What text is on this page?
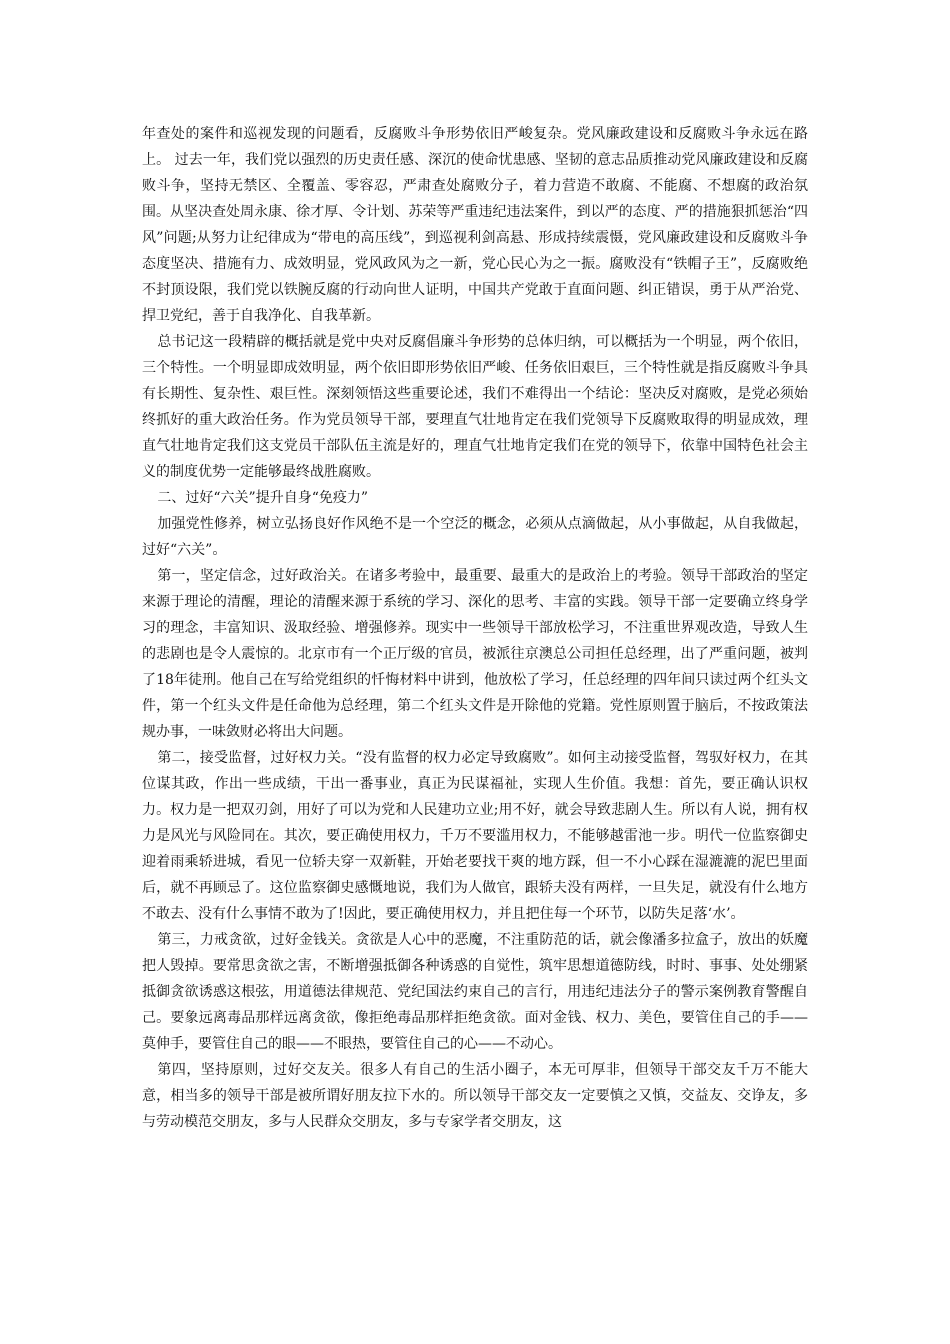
年查处的案件和巡视发现的问题看，反腐败斗争形势依旧严峻复杂。党风廉政建设和反腐败斗争永远在路上。 过去一年，我们党以强烈的历史责任感、深沉的使命忧患感、坚韧的意志品质推动党风廉政建设和反腐败斗争，坚持无禁区、全覆盖、零容忍，严肃查处腐败分子，着力营造不敢腐、不能腐、不想腐的政治氛围。从坚决查处周永康、徐才厚、令计划、苏荣等严重违纪违法案件，到以严的态度、严的措施狠抓惩治“四风”问题;从努力让纪律成为“带电的高压线”，到巡视利剑高悬、形成持续震慑，党风廉政建设和反腐败斗争态度坚决、措施有力、成效明显，党风政风为之一新，党心民心为之一振。腐败没有“铁帽子王”，反腐败绝不封顶设限，我们党以铁腕反腐的行动向世人证明，中国共产党敢于直面问题、纠正错误，勇于从严治党、捍卫党纪，善于自我净化、自我革新。

总书记这一段精辟的概括就是党中央对反腐倡廉斗争形势的总体归纳，可以概括为一个明显，两个依旧，三个特性。一个明显即成效明显，两个依旧即形势依旧严峻、任务依旧艰巨，三个特性就是指反腐败斗争具有长期性、复杂性、艰巨性。深刻领悟这些重要论述，我们不难得出一个结论：坚决反对腐败，是党必须始终抓好的重大政治任务。作为党员领导干部，要理直气壮地肯定在我们党领导下反腐败取得的明显成效，理直气壮地肯定我们这支党员干部队伍主流是好的，理直气壮地肯定我们在党的领导下，依靠中国特色社会主义的制度优势一定能够最终战胜腐败。

二、过好“六关”提升自身“免疫力”

加强党性修养，树立弘扬良好作风绝不是一个空泛的概念，必须从点滴做起，从小事做起，从自我做起，过好“六关”。

第一，坚定信念，过好政治关。在诸多考验中，最重要、最重大的是政治上的考验。领导干部政治的坚定来源于理论的清醒，理论的清醒来源于系统的学习、深化的思考、丰富的实践。领导干部一定要确立终身学习的理念，丰富知识、汲取经验、增强修养。现实中一些领导干部放松学习，不注重世界观改造，导致人生的悲剧也是令人震惊的。北京市有一个正厅级的官员，被派往京澳总公司担任总经理，出了严重问题，被判了18年徒刑。他自己在写给党组织的忏悔材料中讲到，他放松了学习，任总经理的四年间只读过两个红头文件，第一个红头文件是任命他为总经理，第二个红头文件是开除他的党籍。党性原则置于脑后，不按政策法规办事，一味敛财必将出大问题。

第二，接受监督，过好权力关。“没有监督的权力必定导致腐败”。如何主动接受监督，驾驭好权力，在其位谋其政，作出一些成绩，干出一番事业，真正为民谋福祉，实现人生价值。我想：首先，要正确认识权力。权力是一把双刃剑，用好了可以为党和人民建功立业;用不好，就会导致悲剧人生。所以有人说，拥有权力是风光与风险同在。其次，要正确使用权力，千万不要滥用权力，不能够越雷池一步。明代一位监察御史迎着雨乘轿进城，看见一位轿夫穿一双新鞋，开始老要找干爽的地方踩，但一不小心踩在湿漉漉的泥巴里面后，就不再顾忌了。这位监察御史感慨地说，我们为人做官，跟轿夫没有两样，一旦失足，就没有什么地方不敢去、没有什么事情不敢为了!因此，要正确使用权力，并且把住每一个环节，以防失足落‘水’。

第三，力戒贪欲，过好金钱关。贪欲是人心中的恶魔，不注重防范的话，就会像潘多拉盒子，放出的妖魔把人毁掉。要常思贪欲之害，不断增强抵御各种诱惑的自觉性，筑牢思想道德防线，时时、事事、处处绷紧抵御贪欲诱惑这根弦，用道德法律规范、党纪国法约束自己的言行，用违纪违法分子的警示案例教育警醒自己。要象远离毒品那样远离贪欲，像拒绝毒品那样拒绝贪欲。面对金钱、权力、美色，要管住自己的手——莫伸手，要管住自己的眼——不眼热，要管住自己的心——不动心。

第四，坚持原则，过好交友关。很多人有自己的生活小圈子，本无可厚非，但领导干部交友千万不能大意，相当多的领导干部是被所谓好朋友拉下水的。所以领导干部交友一定要慎之又慎，交益友、交诤友，多与劳动模范交朋友，多与人民群众交朋友，多与专家学者交朋友，这
